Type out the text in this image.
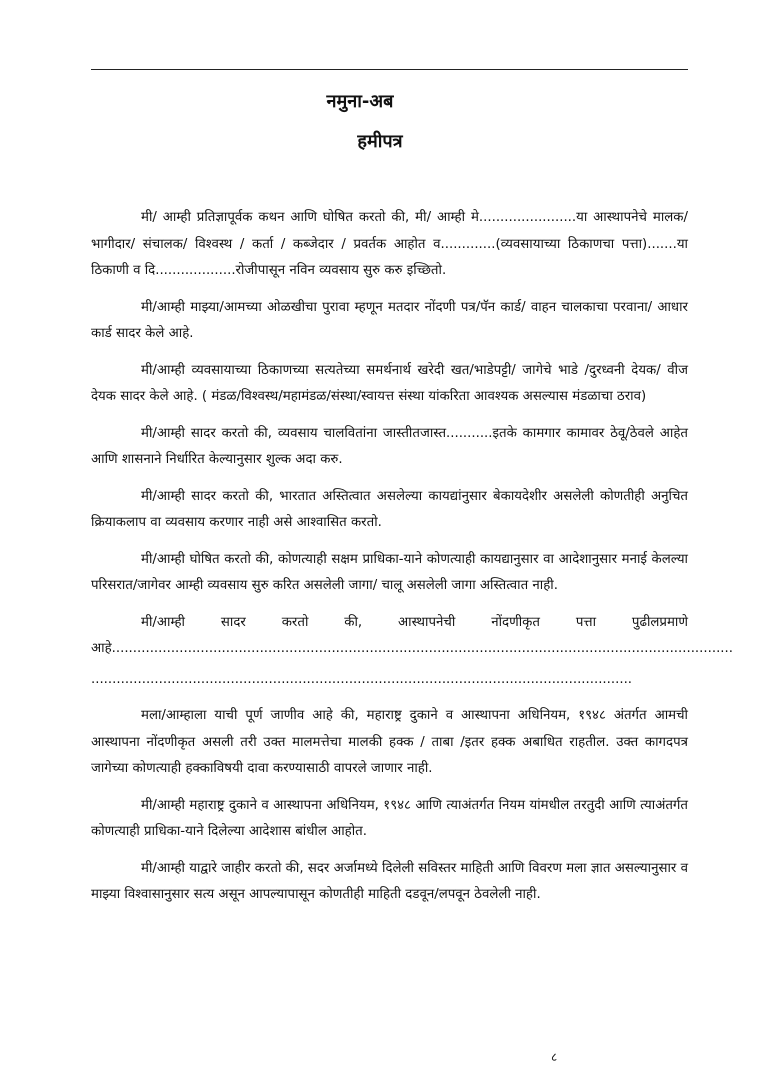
नमुना-अब
हमीपत्र

मी/ आम्ही प्रतिज्ञापूर्वक कथन आणि घोषित करतो की, मी/ आम्ही मे.......................या आस्थापनेचे मालक/ भागीदार/ संचालक/ विश्वस्थ / कर्ता / कब्जेदार / प्रवर्तक आहोत व.............(व्यवसायाच्या ठिकाणचा पत्ता).......या ठिकाणी व दि...................रोजीपासून नविन व्यवसाय सुरु करु इच्छितो.

मी/आम्ही माझ्या/आमच्या ओळखीचा पुरावा म्हणून मतदार नोंदणी पत्र/पॅन कार्ड/ वाहन चालकाचा परवाना/ आधार कार्ड सादर केले आहे.

मी/आम्ही व्यवसायाच्या ठिकाणच्या सत्यतेच्या समर्थनार्थ खरेदी खत/भाडेपट्टी/ जागेचे भाडे /दुरध्वनी देयक/ वीज देयक सादर केले आहे. ( मंडळ/विश्वस्थ/महामंडळ/संस्था/स्वायत्त संस्था यांकरिता आवश्यक असल्यास मंडळाचा ठराव)

मी/आम्ही सादर करतो की, व्यवसाय चालवितांना जास्तीतजास्त...........इतके कामगार कामावर ठेवू/ठेवले आहेत आणि शासनाने निर्धारित केल्यानुसार शुल्क अदा करु.

मी/आम्ही सादर करतो की, भारतात अस्तित्वात असलेल्या कायद्यांनुसार बेकायदेशीर असलेली कोणतीही अनुचित क्रियाकलाप वा व्यवसाय करणार नाही असे आश्वासित करतो.

मी/आम्ही घोषित करतो की, कोणत्याही सक्षम प्राधिका-याने कोणत्याही कायद्यानुसार वा आदेशानुसार मनाई केलल्या परिसरात/जागेवर आम्ही व्यवसाय सुरु करित असलेली जागा/ चालू असलेली जागा अस्तित्वात नाही.

मी/आम्ही सादर करतो की, आस्थापनेची नोंदणीकृत पत्ता पुढीलप्रमाणे आहे...................................................................................................................................................

................................................................................................................................

मला/आम्हाला याची पूर्ण जाणीव आहे की, महाराष्ट्र दुकाने व आस्थापना अधिनियम, १९४८ अंतर्गत आमची आस्थापना नोंदणीकृत असली तरी उक्त मालमत्तेचा मालकी हक्क / ताबा /इतर हक्क अबाधित राहतील. उक्त कागदपत्र जागेच्या कोणत्याही हक्काविषयी दावा करण्यासाठी वापरले जाणार नाही.

मी/आम्ही महाराष्ट्र दुकाने व आस्थापना अधिनियम, १९४८ आणि त्याअंतर्गत नियम यांमधील तरतुदी आणि त्याअंतर्गत कोणत्याही प्राधिका-याने दिलेल्या आदेशास बांधील आहोत.

मी/आम्ही याद्वारे जाहीर करतो की, सदर अर्जामध्ये दिलेली सविस्तर माहिती आणि विवरण मला ज्ञात असल्यानुसार व माझ्या विश्वासानुसार सत्य असून आपल्यापासून कोणतीही माहिती दडवून/लपवून ठेवलेली नाही.

८
